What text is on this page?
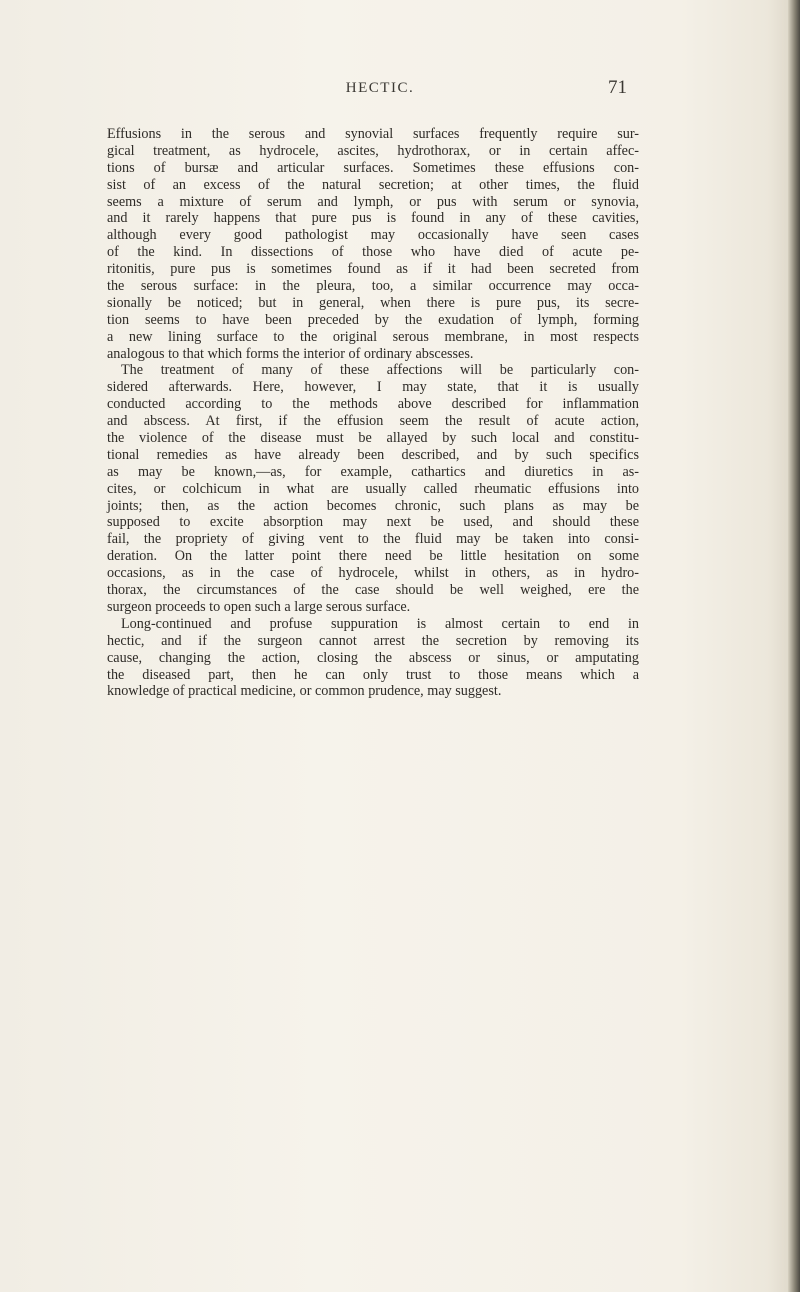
HECTIC.	71
Effusions in the serous and synovial surfaces frequently require sur-
gical treatment, as hydrocele, ascites, hydrothorax, or in certain affec-
tions of bursæ and articular surfaces. Sometimes these effusions con-
sist of an excess of the natural secretion; at other times, the fluid
seems a mixture of serum and lymph, or pus with serum or synovia,
and it rarely happens that pure pus is found in any of these cavities,
although every good pathologist may occasionally have seen cases
of the kind. In dissections of those who have died of acute pe-
ritonitis, pure pus is sometimes found as if it had been secreted from
the serous surface: in the pleura, too, a similar occurrence may occa-
sionally be noticed; but in general, when there is pure pus, its secre-
tion seems to have been preceded by the exudation of lymph, forming
a new lining surface to the original serous membrane, in most respects
analogous to that which forms the interior of ordinary abscesses.
The treatment of many of these affections will be particularly con-
sidered afterwards. Here, however, I may state, that it is usually
conducted according to the methods above described for inflammation
and abscess. At first, if the effusion seem the result of acute action,
the violence of the disease must be allayed by such local and constitu-
tional remedies as have already been described, and by such specifics
as may be known,—as, for example, cathartics and diuretics in as-
cites, or colchicum in what are usually called rheumatic effusions into
joints; then, as the action becomes chronic, such plans as may be
supposed to excite absorption may next be used, and should these
fail, the propriety of giving vent to the fluid may be taken into consi-
deration. On the latter point there need be little hesitation on some
occasions, as in the case of hydrocele, whilst in others, as in hydro-
thorax, the circumstances of the case should be well weighed, ere the
surgeon proceeds to open such a large serous surface.
Long-continued and profuse suppuration is almost certain to end in
hectic, and if the surgeon cannot arrest the secretion by removing its
cause, changing the action, closing the abscess or sinus, or amputating
the diseased part, then he can only trust to those means which a
knowledge of practical medicine, or common prudence, may suggest.
